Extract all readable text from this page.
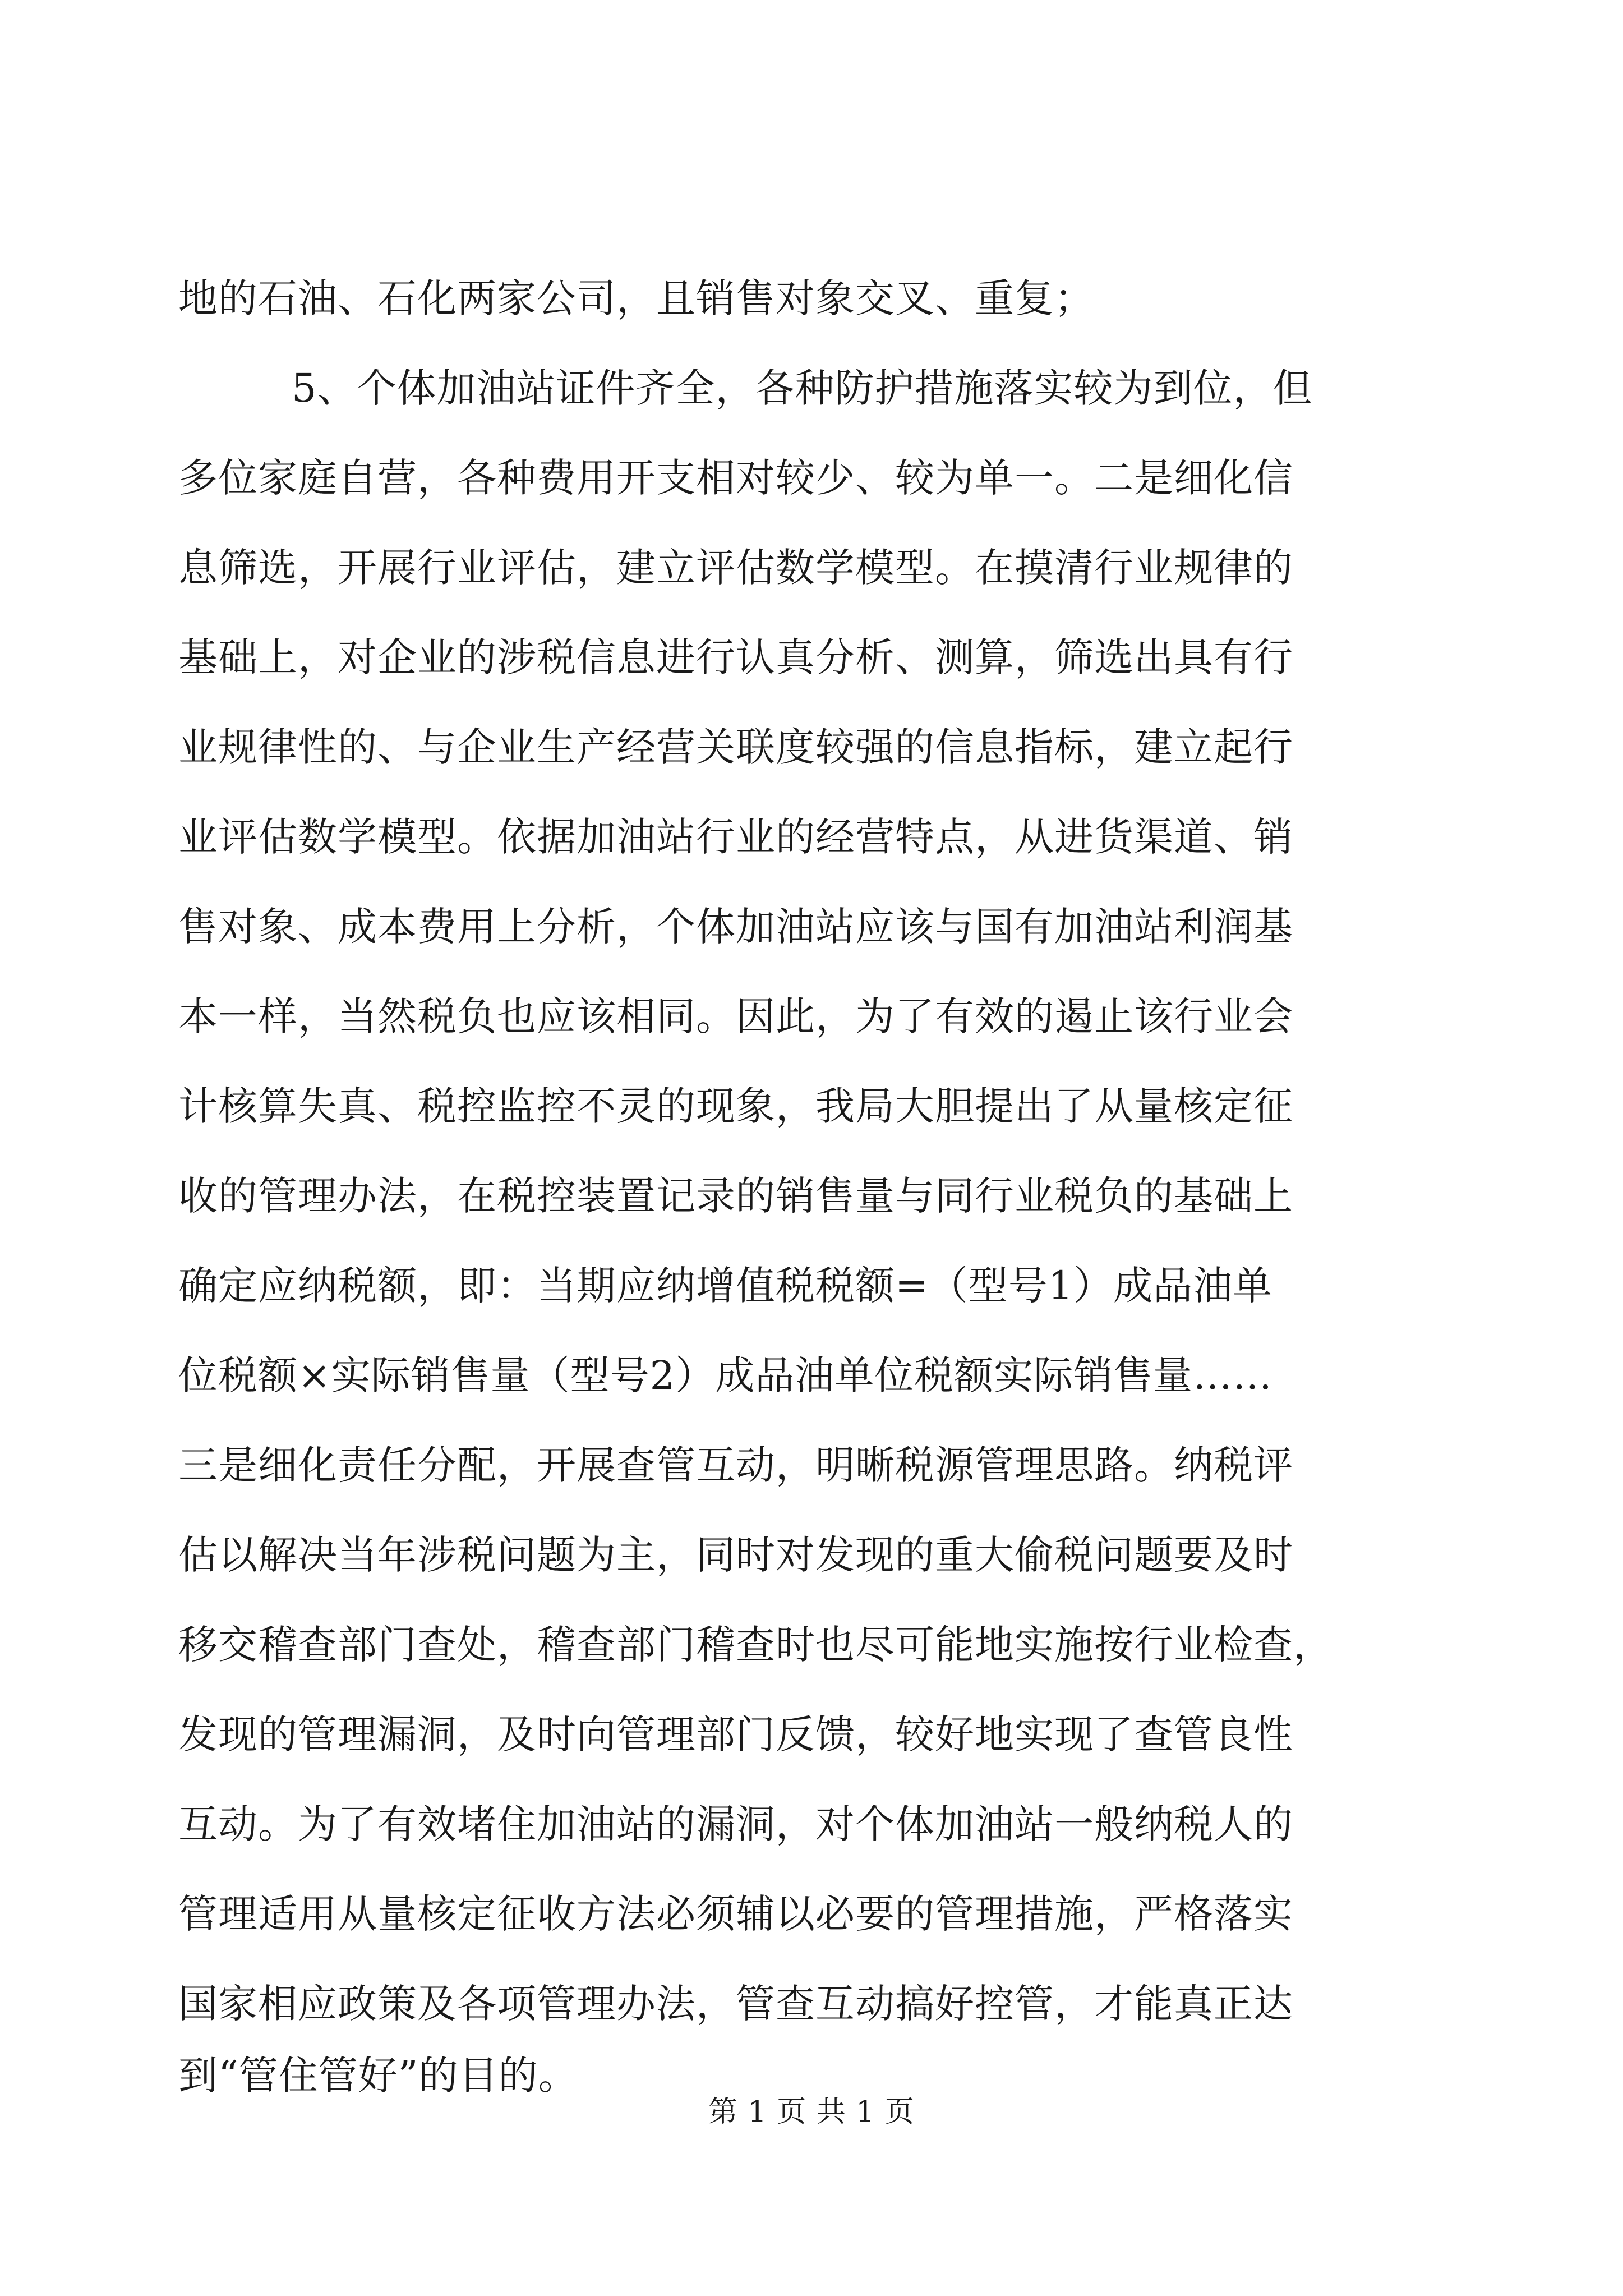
地的石油、石化两家公司，且销售对象交叉、重复；
5、个体加油站证件齐全，各种防护措施落实较为到位，但
多位家庭自营，各种费用开支相对较少、较为单一。二是细化信
息筛选，开展行业评估，建立评估数学模型。在摸清行业规律的
基础上，对企业的涉税信息进行认真分析、测算，筛选出具有行
业规律性的、与企业生产经营关联度较强的信息指标，建立起行
业评估数学模型。依据加油站行业的经营特点，从进货渠道、销
售对象、成本费用上分析，个体加油站应该与国有加油站利润基
本一样，当然税负也应该相同。因此，为了有效的遏止该行业会
计核算失真、税控监控不灵的现象，我局大胆提出了从量核定征
收的管理办法，在税控装置记录的销售量与同行业税负的基础上
确定应纳税额，即：当期应纳增值税税额=（型号1）成品油单
位税额×实际销售量（型号2）成品油单位税额实际销售量……
三是细化责任分配，开展查管互动，明晰税源管理思路。纳税评
估以解决当年涉税问题为主，同时对发现的重大偷税问题要及时
移交稽查部门查处，稽查部门稽查时也尽可能地实施按行业检查，
发现的管理漏洞，及时向管理部门反馈，较好地实现了查管良性
互动。为了有效堵住加油站的漏洞，对个体加油站一般纳税人的
管理适用从量核定征收方法必须辅以必要的管理措施，严格落实
国家相应政策及各项管理办法，管查互动搞好控管，才能真正达
到“管住管好”的目的。
第 1 页 共 1 页
